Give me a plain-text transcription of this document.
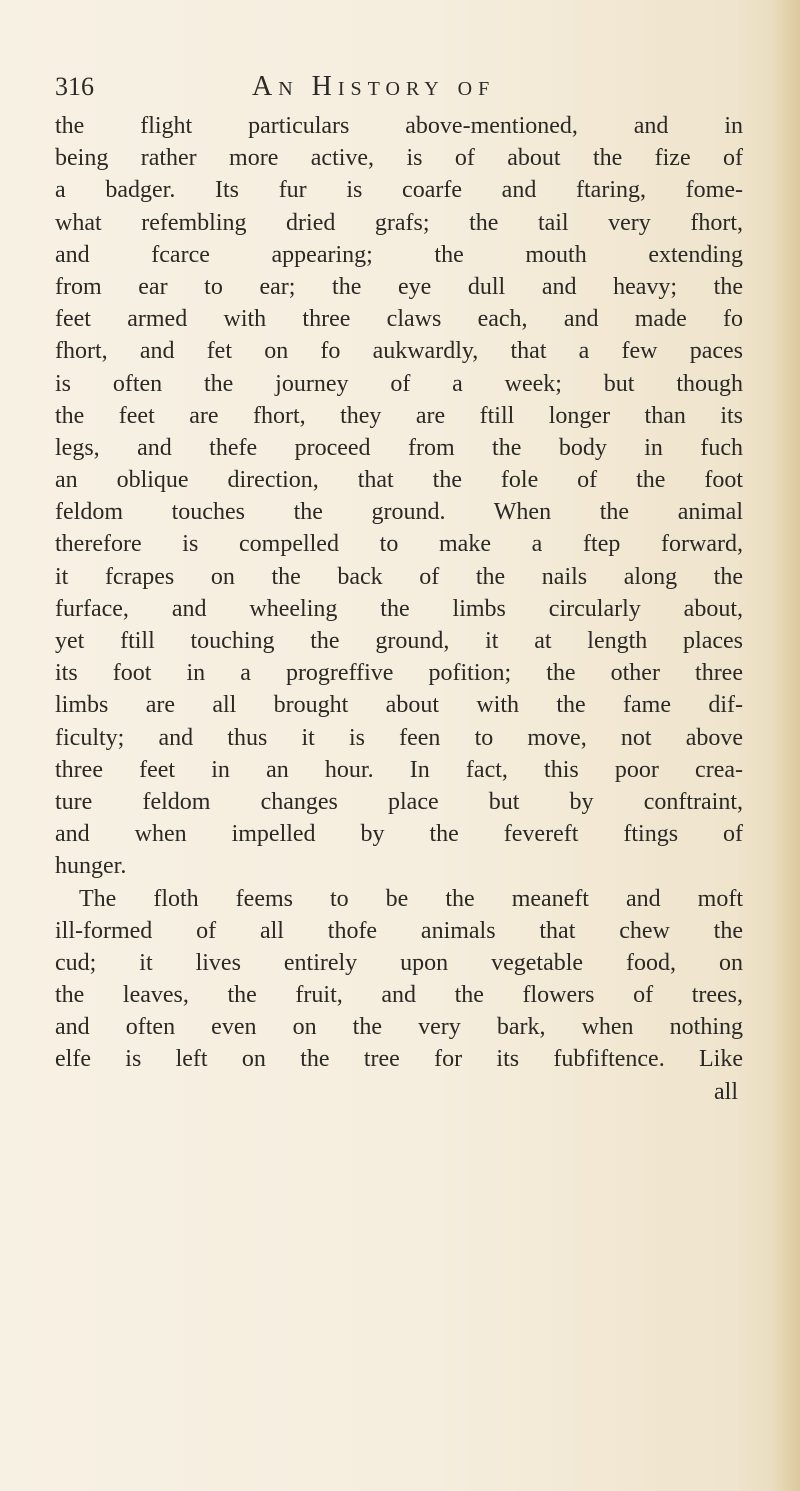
316	An History of
the flight particulars above-mentioned, and in
being rather more active, is of about the fize of
a badger. Its fur is coarfe and ftaring, fome-
what refembling dried grafs; the tail very fhort,
and fcarce appearing; the mouth extending
from ear to ear; the eye dull and heavy; the
feet armed with three claws each, and made fo
fhort, and fet on fo aukwardly, that a few paces
is often the journey of a week; but though
the feet are fhort, they are ftill longer than its
legs, and thefe proceed from the body in fuch
an oblique direction, that the fole of the foot
feldom touches the ground. When the animal
therefore is compelled to make a ftep forward,
it fcrapes on the back of the nails along the
furface, and wheeling the limbs circularly about,
yet ftill touching the ground, it at length places
its foot in a progreffive pofition; the other three
limbs are all brought about with the fame dif-
ficulty; and thus it is feen to move, not above
three feet in an hour. In fact, this poor crea-
ture feldom changes place but by conftraint,
and when impelled by the fevereft ftings of
hunger.
The floth feems to be the meaneft and moft
ill-formed of all thofe animals that chew the
cud; it lives entirely upon vegetable food, on
the leaves, the fruit, and the flowers of trees,
and often even on the very bark, when nothing
elfe is left on the tree for its fubfiftence. Like
all
